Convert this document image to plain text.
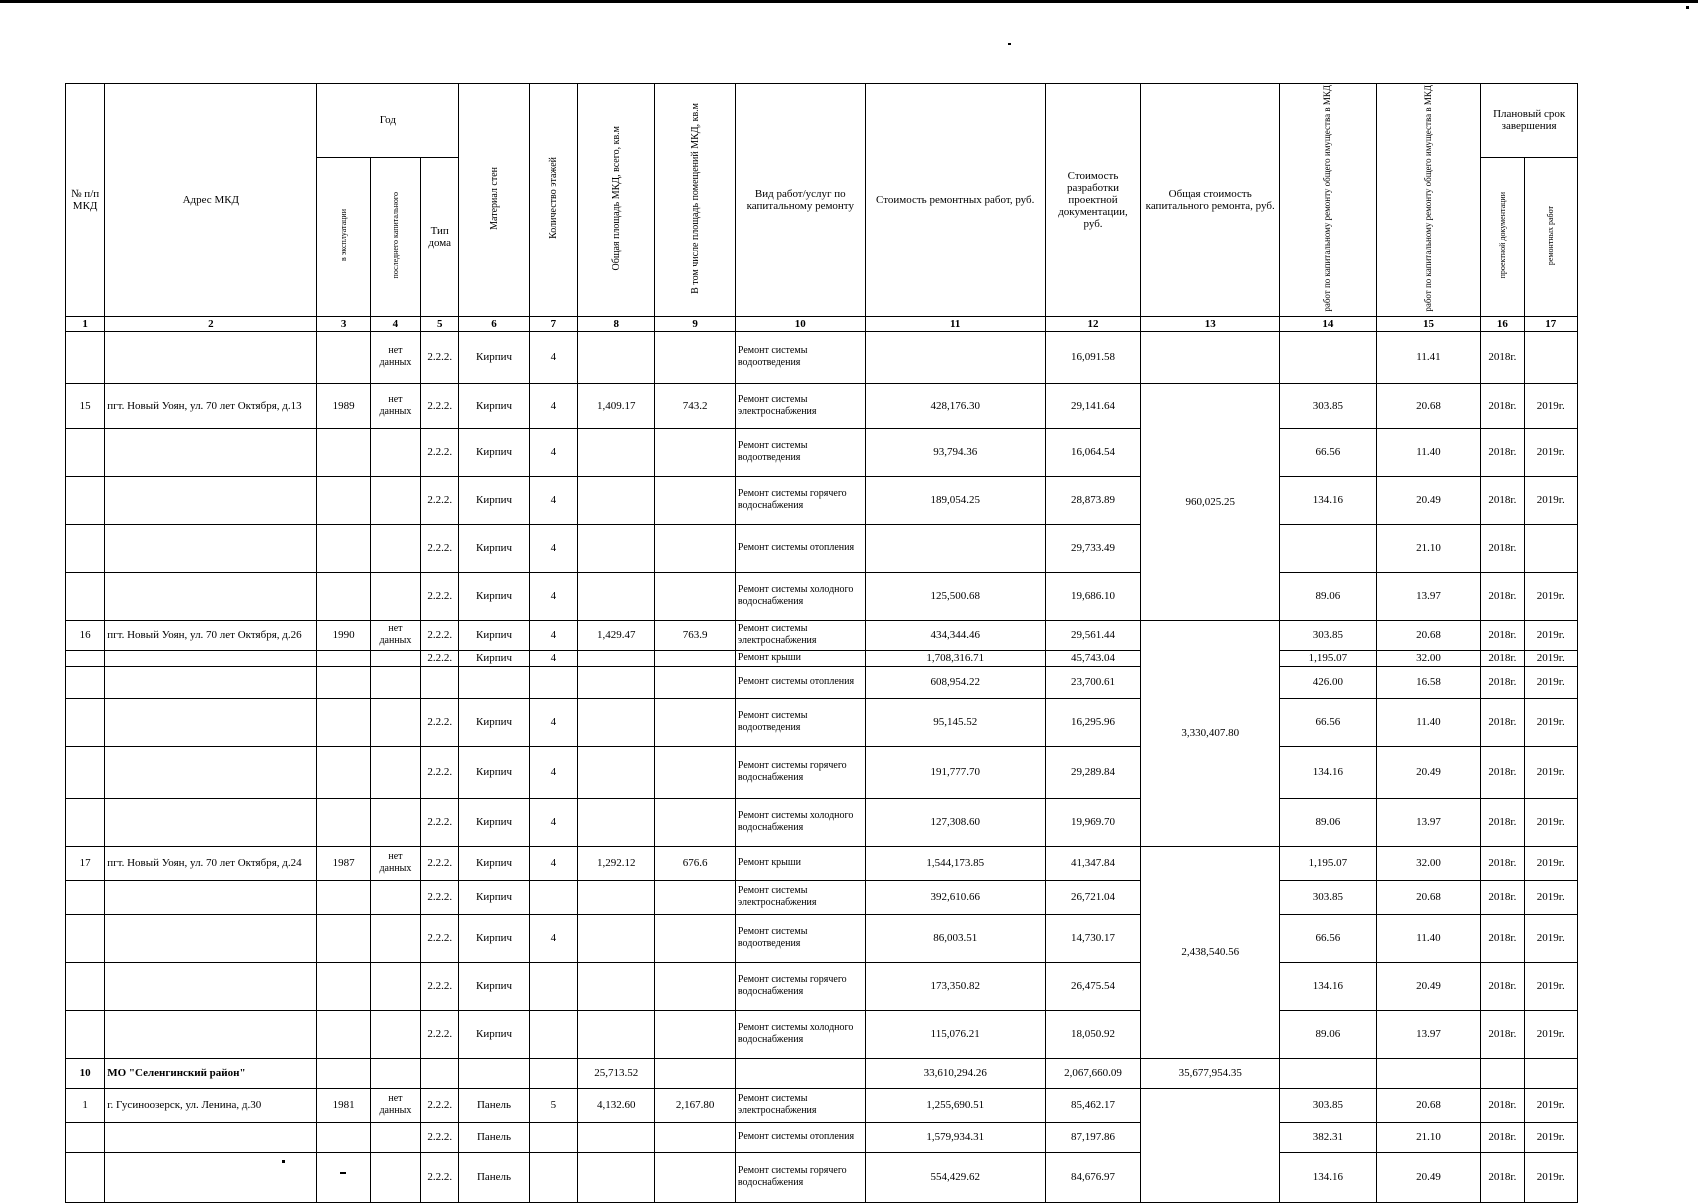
№ п/п МКД	Адрес МКД	Год			Материал стен	Количество этажей	Общая площадь МКД, всего, кв.м	В том числе площадь помещений МКД, кв.м	Вид работ/услуг по капитальному ремонту	Стоимость ремонтных работ, руб.	Стоимость разработки проектной документации, руб.	Общая стоимость капитального ремонта, руб.	работ по капитальному ремонту общего имущества в МКД	работ по капитальному ремонту общего имущества в МКД	Плановый срок завершения	
		в эксплуатации	последнего капитального	Тип дома											проектной документации	ремонтных работ
1	2	3	4	5	6	7	8	9	10	11	12	13	14	15	16	17
			нет данных	2.2.2.	Кирпич	4			Ремонт системы водоотведения		16,091.58			11.41	2018г.	
15	пгт. Новый Уоян, ул. 70 лет Октября, д.13	1989	нет данных	2.2.2.	Кирпич	4	1,409.17	743.2	Ремонт системы электроснабжения	428,176.30	29,141.64	960,025.25	303.85	20.68	2018г.	2019г.
				2.2.2.	Кирпич	4			Ремонт системы водоотведения	93,794.36	16,064.54		66.56	11.40	2018г.	2019г.
				2.2.2.	Кирпич	4			Ремонт системы горячего водоснабжения	189,054.25	28,873.89		134.16	20.49	2018г.	2019г.
				2.2.2.	Кирпич	4			Ремонт системы отопления		29,733.49			21.10	2018г.	
				2.2.2.	Кирпич	4			Ремонт системы холодного водоснабжения	125,500.68	19,686.10		89.06	13.97	2018г.	2019г.
16	пгт. Новый Уоян, ул. 70 лет Октября, д.26	1990	нет данных	2.2.2.	Кирпич	4	1,429.47	763.9	Ремонт системы электроснабжения	434,344.46	29,561.44	3,330,407.80	303.85	20.68	2018г.	2019г.
				2.2.2.	Кирпич	4			Ремонт крыши	1,708,316.71	45,743.04		1,195.07	32.00	2018г.	2019г.
									Ремонт системы отопления	608,954.22	23,700.61		426.00	16.58	2018г.	2019г.
				2.2.2.	Кирпич	4			Ремонт системы водоотведения	95,145.52	16,295.96		66.56	11.40	2018г.	2019г.
				2.2.2.	Кирпич	4			Ремонт системы горячего водоснабжения	191,777.70	29,289.84		134.16	20.49	2018г.	2019г.
				2.2.2.	Кирпич	4			Ремонт системы холодного водоснабжения	127,308.60	19,969.70		89.06	13.97	2018г.	2019г.
17	пгт. Новый Уоян, ул. 70 лет Октября, д.24	1987	нет данных	2.2.2.	Кирпич	4	1,292.12	676.6	Ремонт крыши	1,544,173.85	41,347.84	2,438,540.56	1,195.07	32.00	2018г.	2019г.
				2.2.2.	Кирпич				Ремонт системы электроснабжения	392,610.66	26,721.04		303.85	20.68	2018г.	2019г.
				2.2.2.	Кирпич	4			Ремонт системы водоотведения	86,003.51	14,730.17		66.56	11.40	2018г.	2019г.
				2.2.2.	Кирпич				Ремонт системы горячего водоснабжения	173,350.82	26,475.54		134.16	20.49	2018г.	2019г.
				2.2.2.	Кирпич				Ремонт системы холодного водоснабжения	115,076.21	18,050.92		89.06	13.97	2018г.	2019г.
10	МО "Селенгинский район"						25,713.52			33,610,294.26	2,067,660.09	35,677,954.35				
1	г. Гусиноозерск, ул. Ленина, д.30	1981	нет данных	2.2.2.	Панель	5	4,132.60	2,167.80	Ремонт системы электроснабжения	1,255,690.51	85,462.17		303.85	20.68	2018г.	2019г.
				2.2.2.	Панель				Ремонт системы отопления	1,579,934.31	87,197.86		382.31	21.10	2018г.	2019г.
				2.2.2.	Панель				Ремонт системы горячего водоснабжения	554,429.62	84,676.97		134.16	20.49	2018г.	2019г.
